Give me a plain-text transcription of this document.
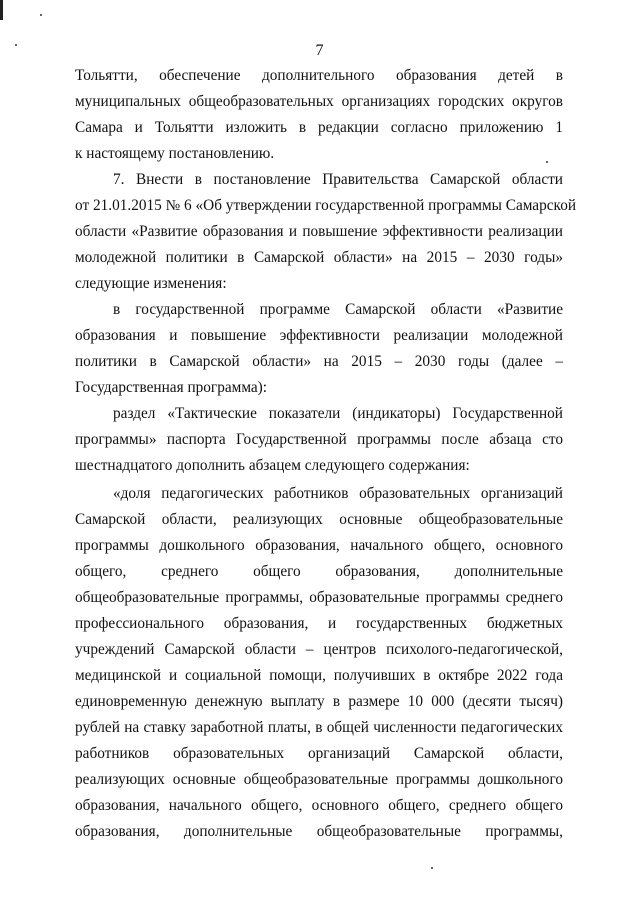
7
Тольятти, обеспечение дополнительного образования детей в
муниципальных общеобразовательных организациях городских округов
Самара и Тольятти изложить в редакции согласно приложению 1
к настоящему постановлению.
7. Внести в постановление Правительства Самарской области
от 21.01.2015 № 6 «Об утверждении государственной программы Самарской
области «Развитие образования и повышение эффективности реализации
молодежной политики в Самарской области» на 2015 – 2030 годы»
следующие изменения:
в государственной программе Самарской области «Развитие
образования и повышение эффективности реализации молодежной
политики в Самарской области» на 2015 – 2030 годы (далее –
Государственная программа):
раздел «Тактические показатели (индикаторы) Государственной
программы» паспорта Государственной программы после абзаца сто
шестнадцатого дополнить абзацем следующего содержания:
«доля педагогических работников образовательных организаций
Самарской области, реализующих основные общеобразовательные
программы дошкольного образования, начального общего, основного
общего, среднего общего образования, дополнительные
общеобразовательные программы, образовательные программы среднего
профессионального образования, и государственных бюджетных
учреждений Самарской области – центров психолого-педагогической,
медицинской и социальной помощи, получивших в октябре 2022 года
единовременную денежную выплату в размере 10 000 (десяти тысяч)
рублей на ставку заработной платы, в общей численности педагогических
работников образовательных организаций Самарской области,
реализующих основные общеобразовательные программы дошкольного
образования, начального общего, основного общего, среднего общего
образования, дополнительные общеобразовательные программы,
